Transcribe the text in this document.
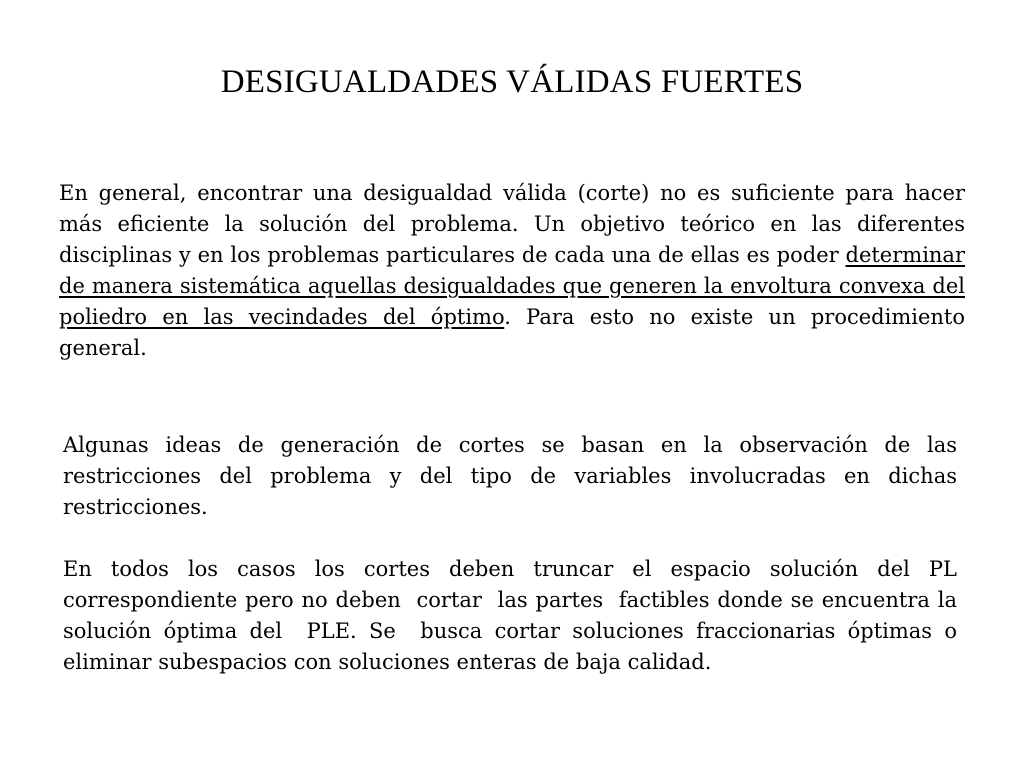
DESIGUALDADES VÁLIDAS FUERTES

En general, encontrar una desigualdad válida (corte) no es suficiente para hacer más eficiente la solución del problema. Un objetivo teórico en las diferentes disciplinas y en los problemas particulares de cada una de ellas es poder determinar de manera sistemática aquellas desigualdades que generen la envoltura convexa del poliedro en las vecindades del óptimo. Para esto no existe un procedimiento general.

Algunas ideas de generación de cortes se basan en la observación de las restricciones del problema y del tipo de variables involucradas en dichas restricciones.

En todos los casos los cortes deben truncar el espacio solución del PL correspondiente pero no deben  cortar  las partes  factibles donde se encuentra la solución óptima del  PLE. Se  busca cortar soluciones fraccionarias óptimas o eliminar subespacios con soluciones enteras de baja calidad.
